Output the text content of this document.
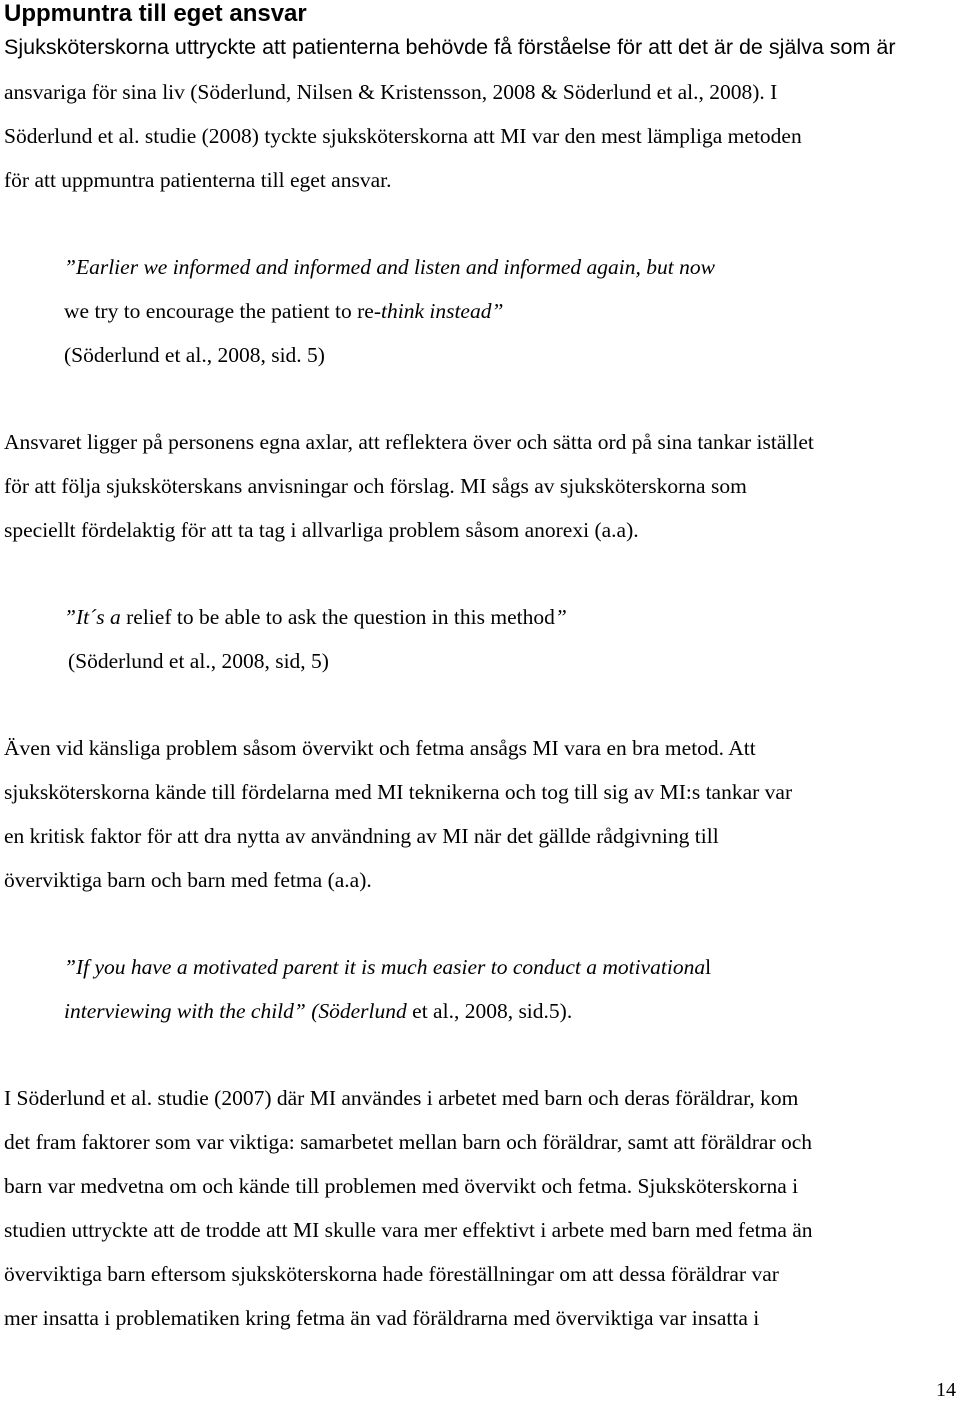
Uppmuntra till eget ansvar
Sjuksköterskorna uttryckte att patienterna behövde få förståelse för att det är de själva som är
ansvariga för sina liv (Söderlund, Nilsen & Kristensson, 2008 & Söderlund et al., 2008). I
Söderlund et al. studie (2008) tyckte sjuksköterskorna att MI var den mest lämpliga metoden
för att uppmuntra patienterna till eget ansvar.
”Earlier we informed and informed and listen and informed again, but now
we try to encourage the patient to re-think instead”
(Söderlund et al., 2008, sid. 5)
Ansvaret ligger på personens egna axlar, att reflektera över och sätta ord på sina tankar istället
för att följa sjuksköterskans anvisningar och förslag. MI sågs av sjuksköterskorna som
speciellt fördelaktig för att ta tag i allvarliga problem såsom anorexi (a.a).
”It´s a relief to be able to ask the question in this method”
(Söderlund et al., 2008, sid, 5)
Även vid känsliga problem såsom övervikt och fetma ansågs MI vara en bra metod. Att
sjuksköterskorna kände till fördelarna med MI teknikerna och tog till sig av MI:s tankar var
en kritisk faktor för att dra nytta av användning av MI när det gällde rådgivning till
överviktiga barn och barn med fetma (a.a).
”If you have a motivated parent it is much easier to conduct a motivational
interviewing with the child” (Söderlund et al., 2008, sid.5).
I Söderlund et al. studie (2007) där MI användes i arbetet med barn och deras föräldrar, kom
det fram faktorer som var viktiga: samarbetet mellan barn och föräldrar, samt att föräldrar och
barn var medvetna om och kände till problemen med övervikt och fetma. Sjuksköterskorna i
studien uttryckte att de trodde att MI skulle vara mer effektivt i arbete med barn med fetma än
överviktiga barn eftersom sjuksköterskorna hade föreställningar om att dessa föräldrar var
mer insatta i problematiken kring fetma än vad föräldrarna med överviktiga var insatta i
14
